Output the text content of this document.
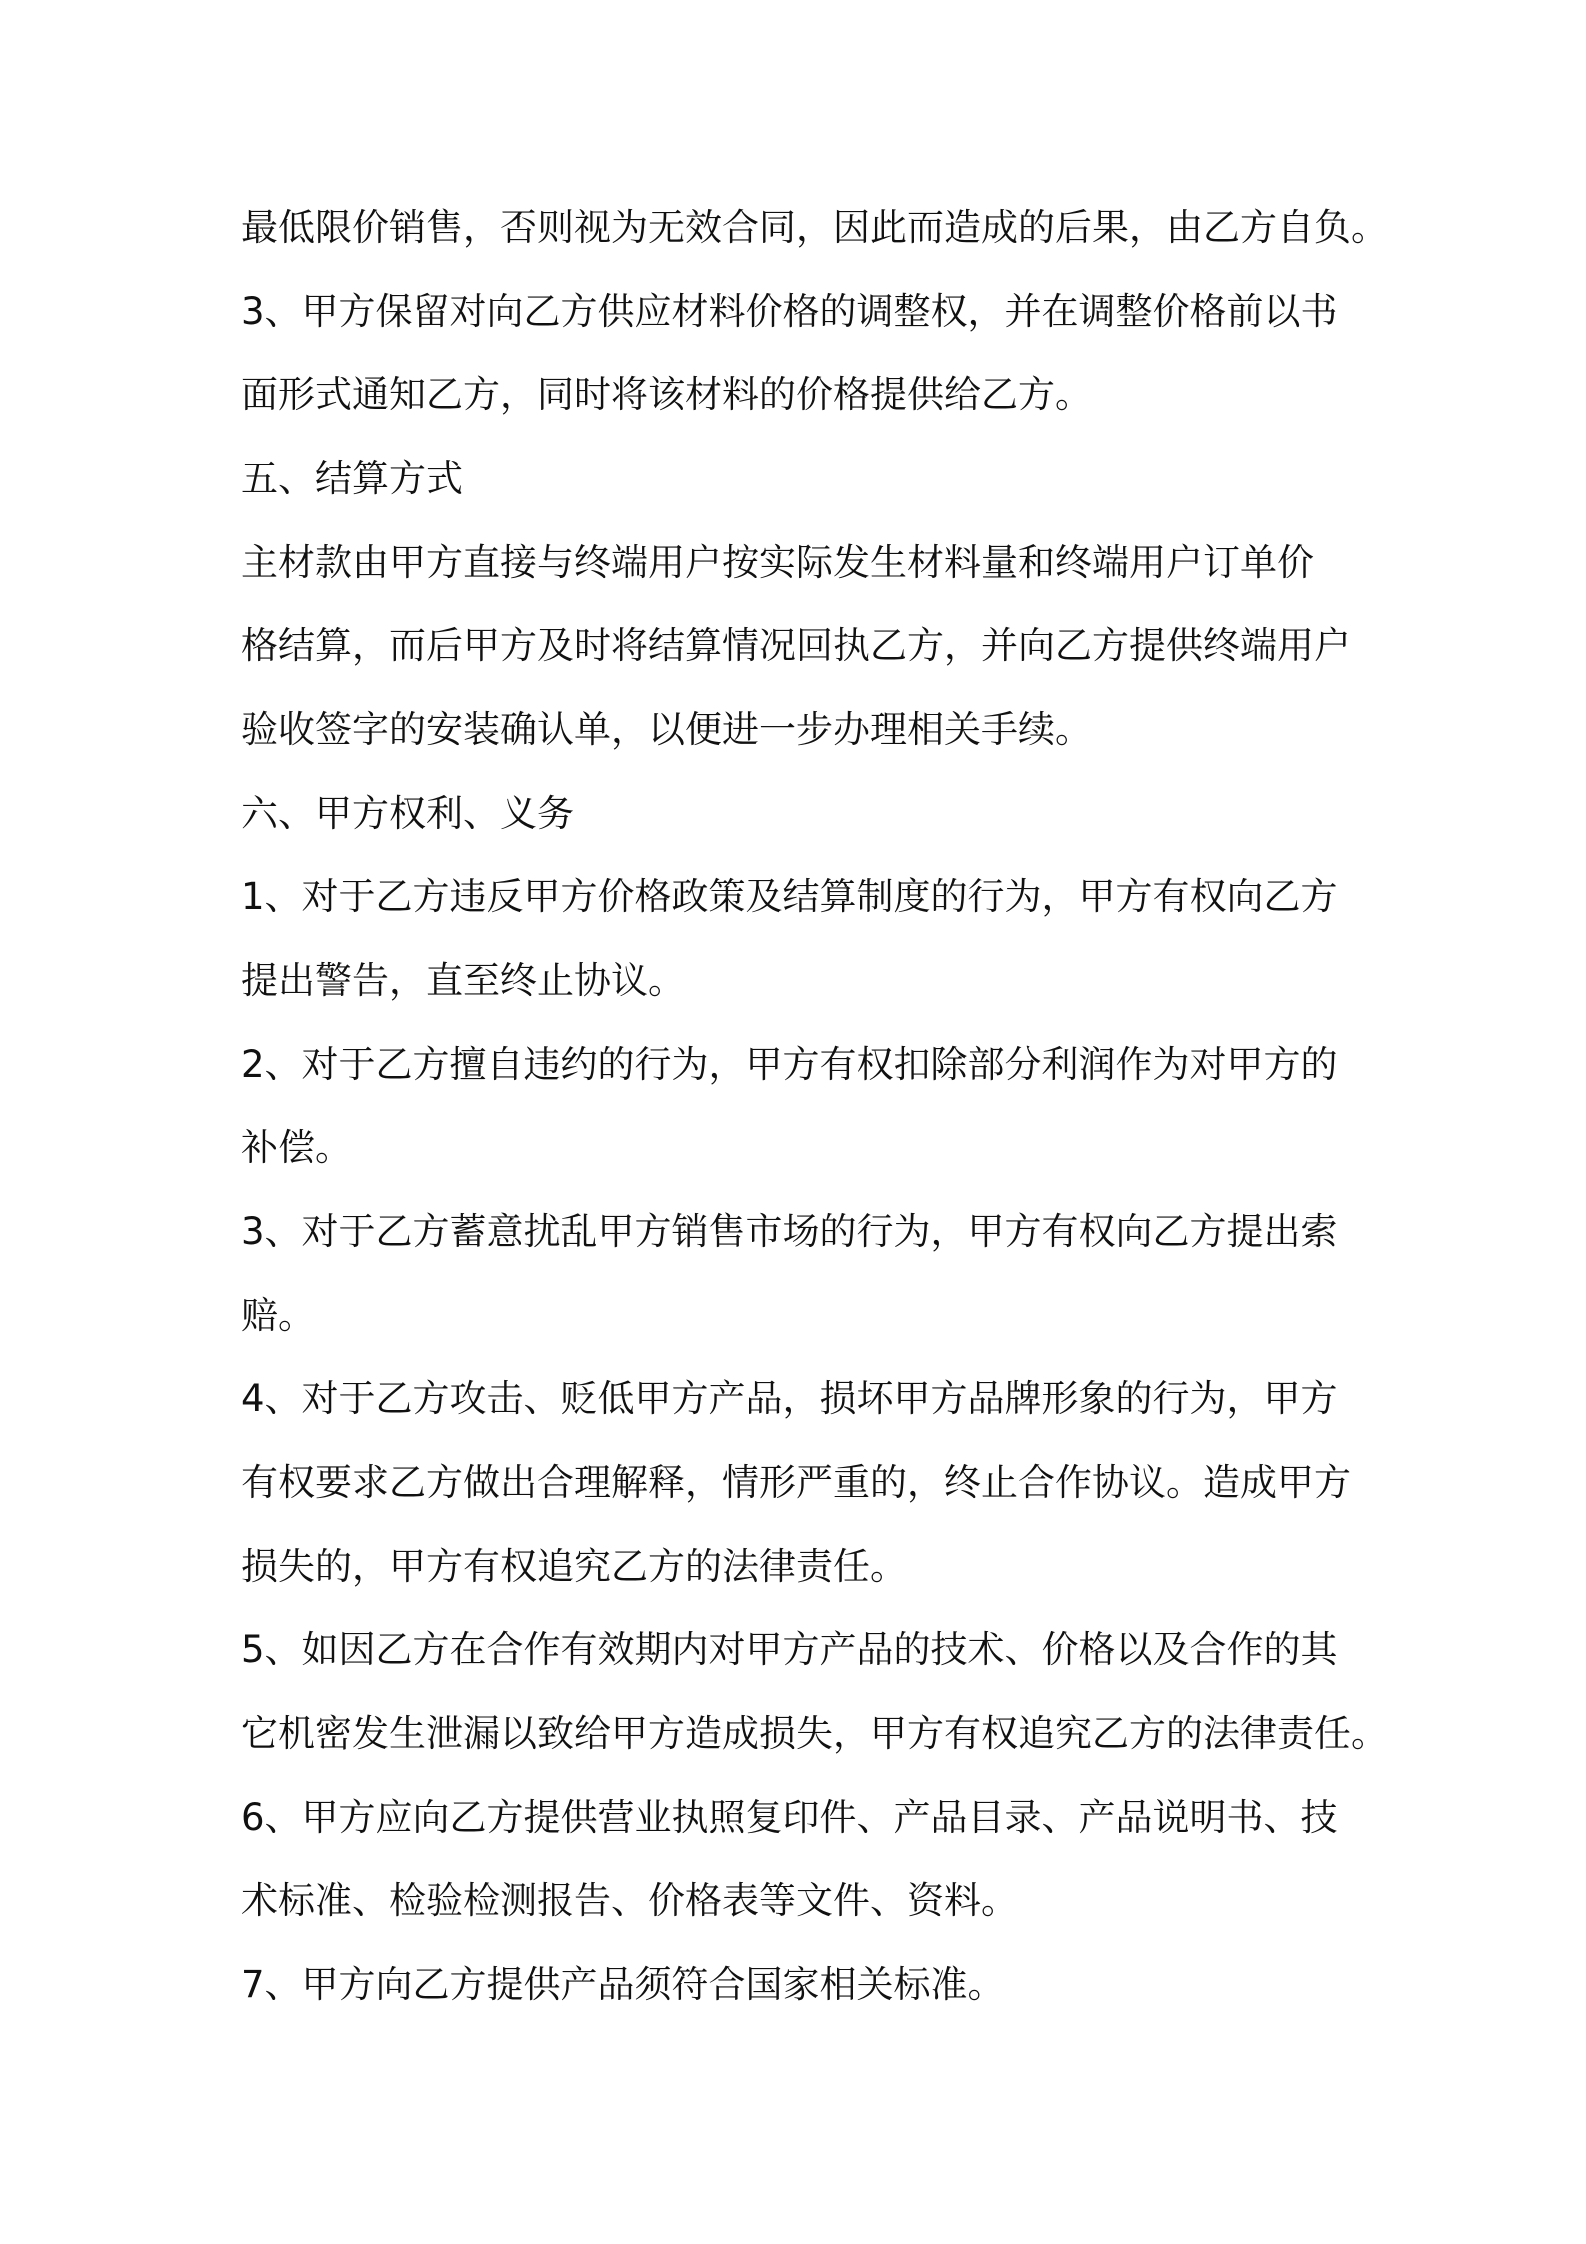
最低限价销售，否则视为无效合同，因此而造成的后果，由乙方自负。
3、甲方保留对向乙方供应材料价格的调整权，并在调整价格前以书
面形式通知乙方，同时将该材料的价格提供给乙方。
五、结算方式
主材款由甲方直接与终端用户按实际发生材料量和终端用户订单价
格结算，而后甲方及时将结算情况回执乙方，并向乙方提供终端用户
验收签字的安装确认单，以便进一步办理相关手续。
六、甲方权利、义务
1、对于乙方违反甲方价格政策及结算制度的行为，甲方有权向乙方
提出警告，直至终止协议。
2、对于乙方擅自违约的行为，甲方有权扣除部分利润作为对甲方的
补偿。
3、对于乙方蓄意扰乱甲方销售市场的行为，甲方有权向乙方提出索
赔。
4、对于乙方攻击、贬低甲方产品，损坏甲方品牌形象的行为，甲方
有权要求乙方做出合理解释，情形严重的，终止合作协议。造成甲方
损失的，甲方有权追究乙方的法律责任。
5、如因乙方在合作有效期内对甲方产品的技术、价格以及合作的其
它机密发生泄漏以致给甲方造成损失，甲方有权追究乙方的法律责任。
6、甲方应向乙方提供营业执照复印件、产品目录、产品说明书、技
术标准、检验检测报告、价格表等文件、资料。
7、甲方向乙方提供产品须符合国家相关标准。
